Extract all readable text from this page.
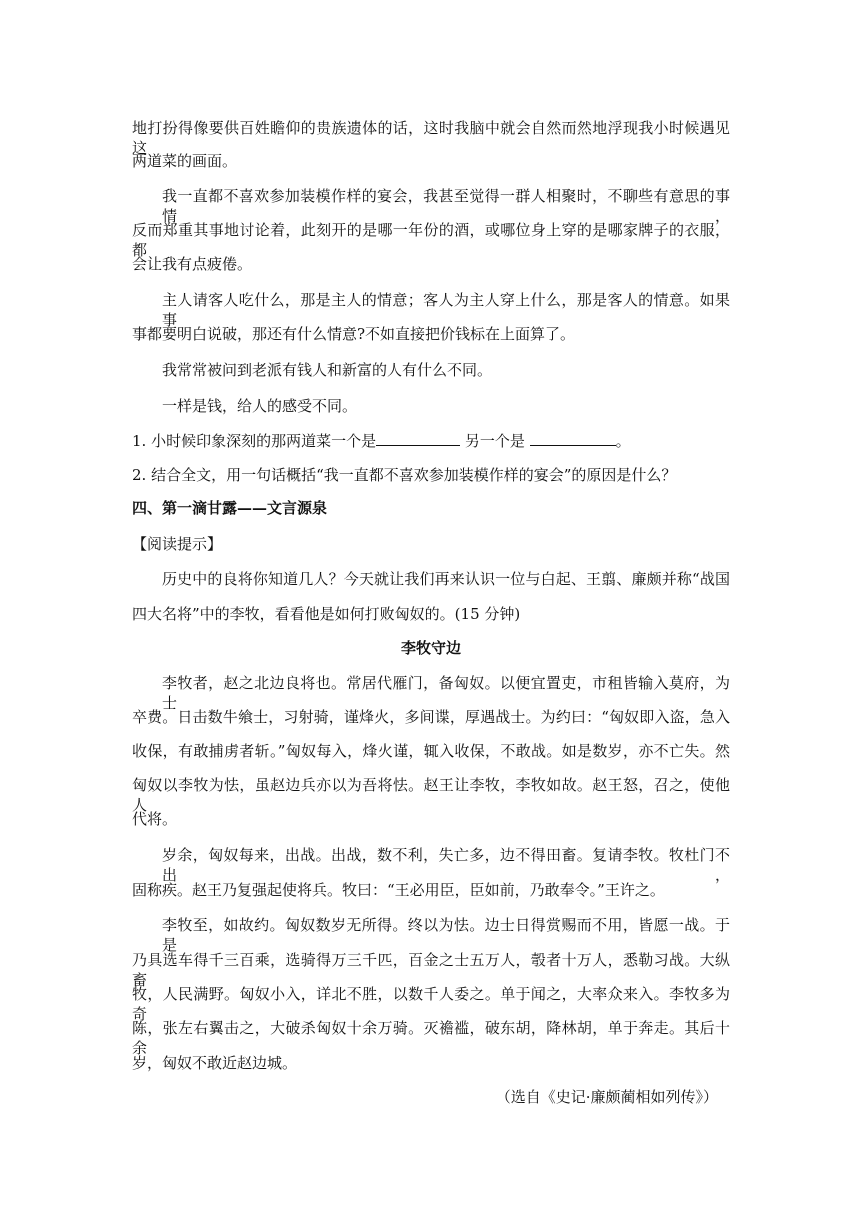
地打扮得像要供百姓瞻仰的贵族遗体的话，这时我脑中就会自然而然地浮现我小时候遇见这
两道菜的画面。
我一直都不喜欢参加装模作样的宴会，我甚至觉得一群人相聚时，不聊些有意思的事情，
反而郑重其事地讨论着，此刻开的是哪一年份的酒，或哪位身上穿的是哪家牌子的衣服，都
会让我有点疲倦。
主人请客人吃什么，那是主人的情意；客人为主人穿上什么，那是客人的情意。如果事
事都要明白说破，那还有什么情意?不如直接把价钱标在上面算了。
我常常被问到老派有钱人和新富的人有什么不同。
一样是钱，给人的感受不同。
1. 小时候印象深刻的那两道菜一个是	另一个是	。
2. 结合全文，用一句话概括“我一直都不喜欢参加装模作样的宴会”的原因是什么？
四、第一滴甘露——文言源泉
【阅读提示】
历史中的良将你知道几人？今天就让我们再来认识一位与白起、王翦、廉颇并称“战国
四大名将”中的李牧，看看他是如何打败匈奴的。(15 分钟)
李牧守边
李牧者，赵之北边良将也。常居代雁门，备匈奴。以便宜置吏，市租皆输入莫府，为士
卒费。日击数牛飨士，习射骑，谨烽火，多间谍，厚遇战士。为约曰：“匈奴即入盗，急入
收保，有敢捕虏者斩。”匈奴每入，烽火谨，辄入收保，不敢战。如是数岁，亦不亡失。然
匈奴以李牧为怯，虽赵边兵亦以为吾将怯。赵王让李牧，李牧如故。赵王怒，召之，使他人
代将。
岁余，匈奴每来，出战。出战，数不利，失亡多，边不得田畜。复请李牧。牧杜门不出，
固称疾。赵王乃复强起使将兵。牧曰：“王必用臣，臣如前，乃敢奉令。”王许之。
李牧至，如故约。匈奴数岁无所得。终以为怯。边士日得赏赐而不用，皆愿一战。于是
乃具选车得千三百乘，选骑得万三千匹，百金之士五万人，彀者十万人，悉勒习战。大纵畜
牧，人民满野。匈奴小入，详北不胜，以数千人委之。单于闻之，大率众来入。李牧多为奇
陈，张左右翼击之，大破杀匈奴十余万骑。灭襜褴，破东胡，降林胡，单于奔走。其后十余
岁，匈奴不敢近赵边城。
（选自《史记·廉颇蔺相如列传》）
